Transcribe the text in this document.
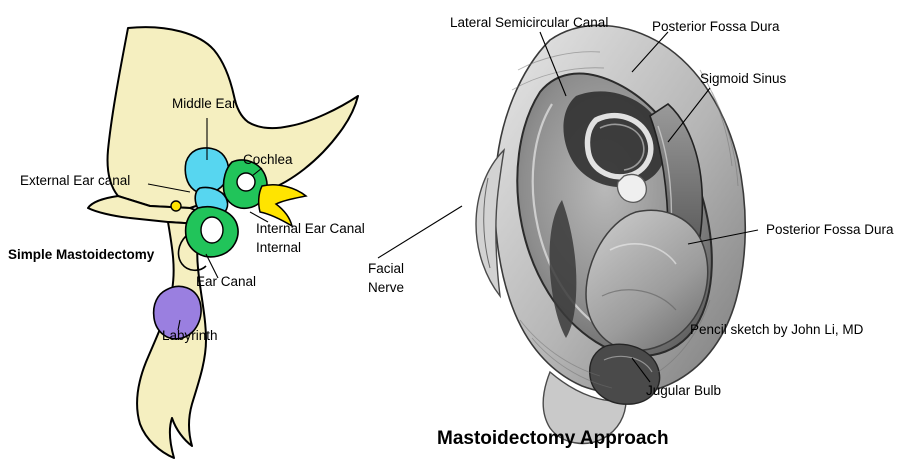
Middle Ear
Cochlea
External Ear canal
Internal Ear Canal
Internal
Simple Mastoidectomy
Ear Canal
Labyrinth
Lateral Semicircular Canal	Posterior Fossa Dura
Sigmoid Sinus
Posterior Fossa Dura
Facial
Nerve
Pencil sketch by John Li, MD
Jugular Bulb
Mastoidectomy Approach
